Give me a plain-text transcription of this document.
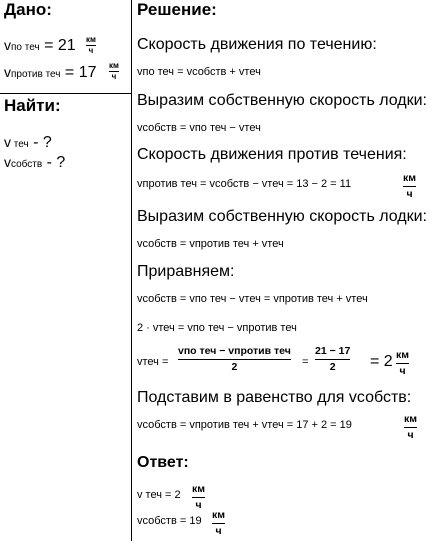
Дано:
vпо теч = 21 км
ч
vпротив теч = 17 км
ч
Найти:
v теч - ?
vсобств - ?
Решение:
Скорость движения по течению:
vпо теч = vсобств + vтеч
Выразим собственную скорость лодки:
vсобств = vпо теч − vтеч
Скорость движения против течения:
vпротив теч = vсобств − vтеч = 13 − 2 = 11	км
ч
Выразим собственную скорость лодки:
vсобств = vпротив теч + vтеч
Приравняем:
vсобств = vпо теч − vтеч = vпротив теч + vтеч
2 · vтеч = vпо теч − vпротив теч
vтеч =
vпо теч − vпротив теч
2	=
21 − 17
2 = 2 км
ч
Подставим в равенство для vсобств:
vсобств = vпротив теч + vтеч = 17 + 2 = 19	км
ч
Ответ:
v теч = 2 км
ч
vсобств = 19 км
ч
